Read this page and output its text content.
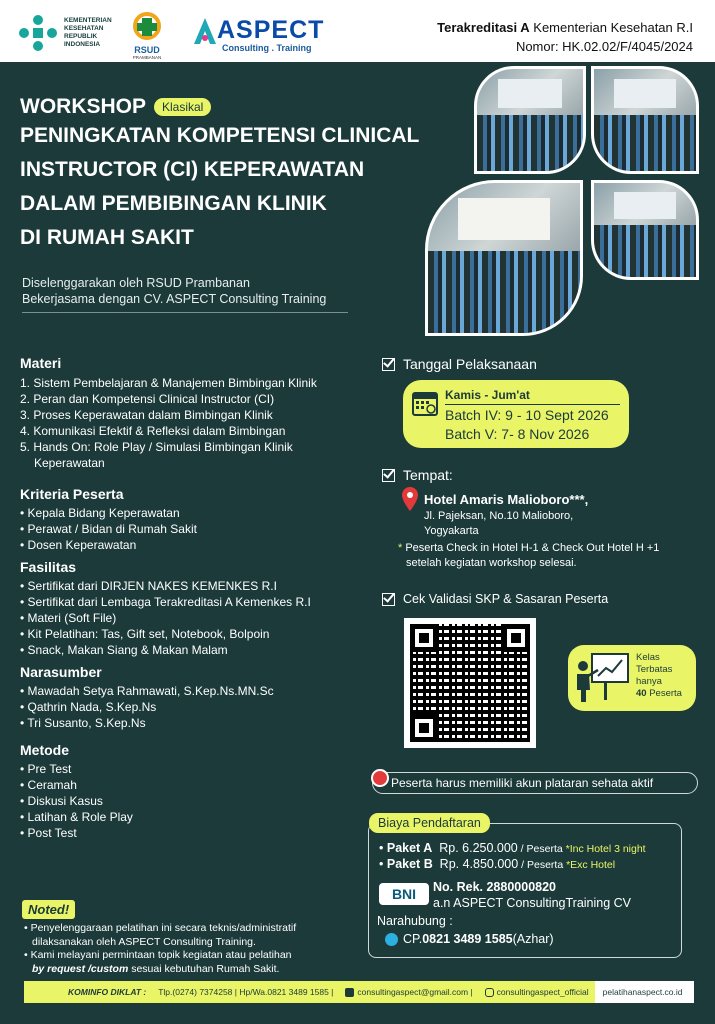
KEMENTERIAN
KESEHATAN
REPUBLIK
INDONESIA
RSUD
PRAMBANAN
ASPECT
Consulting . Training
Terakreditasi A Kementerian Kesehatan R.I
Nomor: HK.02.02/F/4045/2024
WORKSHOP	Klasikal
PENINGKATAN KOMPETENSI CLINICAL
INSTRUCTOR (CI) KEPERAWATAN
DALAM PEMBIBINGAN KLINIK
DI RUMAH SAKIT
Diselenggarakan oleh RSUD Prambanan
Bekerjasama dengan CV. ASPECT Consulting Training
Materi
1. Sistem Pembelajaran & Manajemen Bimbingan Klinik
2. Peran dan Kompetensi Clinical Instructor (CI)
3. Proses Keperawatan dalam Bimbingan Klinik
4. Komunikasi Efektif & Refleksi dalam Bimbingan
5. Hands On: Role Play / Simulasi Bimbingan Klinik
Keperawatan
Kriteria Peserta
• Kepala Bidang Keperawatan
• Perawat / Bidan di Rumah Sakit
• Dosen Keperawatan
Fasilitas
• Sertifikat dari DIRJEN NAKES KEMENKES R.I
• Sertifikat dari Lembaga Terakreditasi A Kemenkes R.I
• Materi (Soft File)
• Kit Pelatihan: Tas, Gift set, Notebook, Bolpoin
• Snack, Makan Siang & Makan Malam
Narasumber
• Mawadah Setya Rahmawati, S.Kep.Ns.MN.Sc
• Qathrin Nada, S.Kep.Ns
• Tri Susanto, S.Kep.Ns
Metode
• Pre Test
• Ceramah
• Diskusi Kasus
• Latihan & Role Play
• Post Test
Tanggal Pelaksanaan
Kamis - Jum'at
Batch IV: 9 - 10 Sept 2026
Batch V: 7- 8 Nov 2026
Tempat:
Hotel Amaris Malioboro***,
Jl. Pajeksan, No.10 Malioboro,
Yogyakarta
* Peserta Check in Hotel H-1 & Check Out Hotel H +1
setelah kegiatan workshop selesai.
Cek Validasi SKP & Sasaran Peserta
Kelas
Terbatas
hanya
40 Peserta
Peserta harus memiliki akun plataran sehata aktif
Biaya Pendaftaran
• Paket A Rp. 6.250.000 / Peserta *Inc Hotel 3 night
• Paket B Rp. 4.850.000 / Peserta *Exc Hotel
BNI	No. Rek. 2880000820
a.n ASPECT ConsultingTraining CV
Narahubung :
CP. 0821 3489 1585 (Azhar)
Noted!
• Penyelenggaraan pelatihan ini secara teknis/administratif
dilaksanakan oleh ASPECT Consulting Training.
• Kami melayani permintaan topik kegiatan atau pelatihan
by request /custom sesuai kebutuhan Rumah Sakit.
KOMINFO DIKLAT :	Tlp.(0274) 7374258 | Hp/Wa.0821 3489 1585 |	consultingaspect@gmail.com |	consultingaspect_official	pelatihanaspect.co.id
